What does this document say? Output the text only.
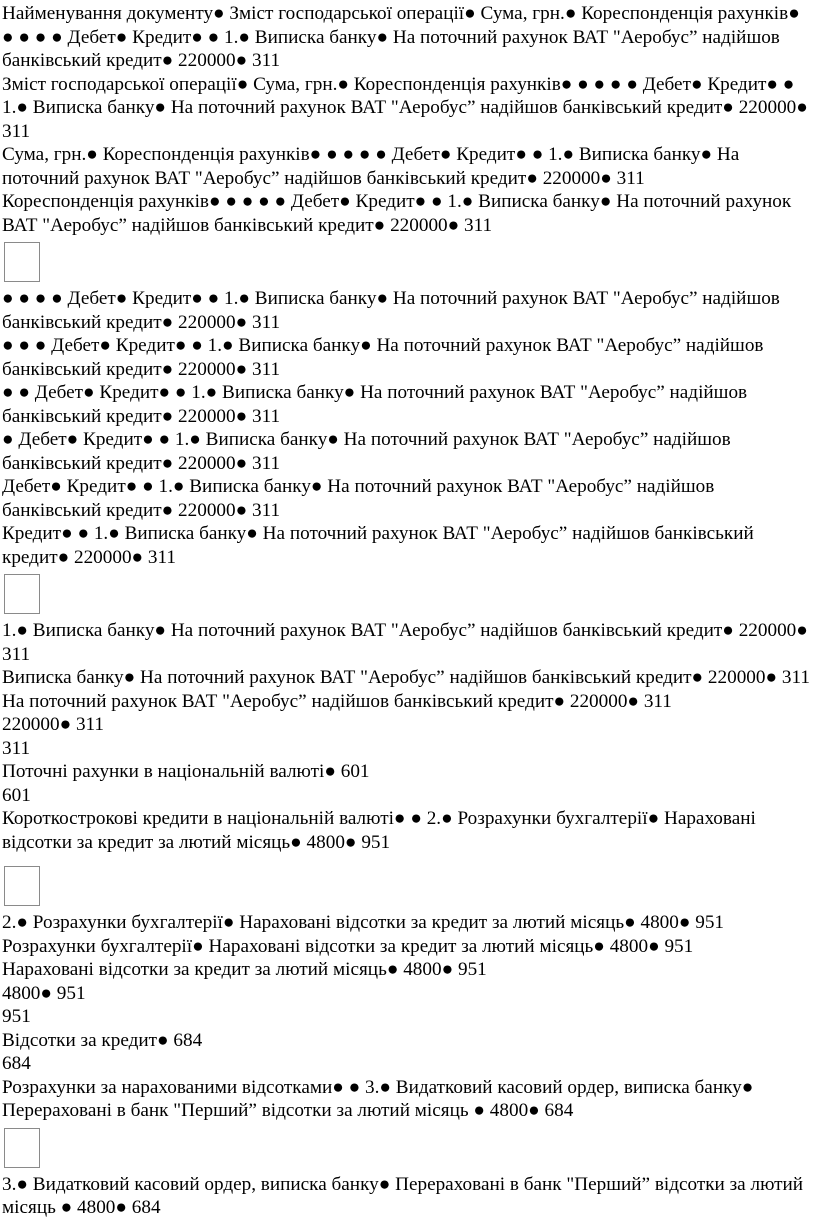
Найменування документу● Зміст господарської операції● Сума, грн.● Кореспонденція рахунків● ● ● ● ● Дебет● Кредит● ● 1.● Виписка банку● На поточний рахунок ВАТ "Аеробус” надійшов банківський кредит● 220000● 311

Зміст господарської операції● Сума, грн.● Кореспонденція рахунків● ● ● ● ● Дебет● Кредит● ● 1.● Виписка банку● На поточний рахунок ВАТ "Аеробус” надійшов банківський кредит● 220000● 311

Сума, грн.● Кореспонденція рахунків● ● ● ● ● Дебет● Кредит● ● 1.● Виписка банку● На поточний рахунок ВАТ "Аеробус” надійшов банківський кредит● 220000● 311

Кореспонденція рахунків● ● ● ● ● Дебет● Кредит● ● 1.● Виписка банку● На поточний рахунок ВАТ "Аеробус” надійшов банківський кредит● 220000● 311

● ● ● ● Дебет● Кредит● ● 1.● Виписка банку● На поточний рахунок ВАТ "Аеробус” надійшов банківський кредит● 220000● 311

● ● ● Дебет● Кредит● ● 1.● Виписка банку● На поточний рахунок ВАТ "Аеробус” надійшов банківський кредит● 220000● 311

● ● Дебет● Кредит● ● 1.● Виписка банку● На поточний рахунок ВАТ "Аеробус” надійшов банківський кредит● 220000● 311

● Дебет● Кредит● ● 1.● Виписка банку● На поточний рахунок ВАТ "Аеробус” надійшов банківський кредит● 220000● 311

Дебет● Кредит● ● 1.● Виписка банку● На поточний рахунок ВАТ "Аеробус” надійшов банківський кредит● 220000● 311

Кредит● ● 1.● Виписка банку● На поточний рахунок ВАТ "Аеробус” надійшов банківський кредит● 220000● 311

1.● Виписка банку● На поточний рахунок ВАТ "Аеробус” надійшов банківський кредит● 220000● 311

Виписка банку● На поточний рахунок ВАТ "Аеробус” надійшов банківський кредит● 220000● 311

На поточний рахунок ВАТ "Аеробус” надійшов банківський кредит● 220000● 311

220000● 311

311

Поточні рахунки в національній валюті● 601

601

Короткострокові кредити в національній валюті● ● 2.● Розрахунки бухгалтерії● Нараховані відсотки за кредит за лютий місяць● 4800● 951

2.● Розрахунки бухгалтерії● Нараховані відсотки за кредит за лютий місяць● 4800● 951

Розрахунки бухгалтерії● Нараховані відсотки за кредит за лютий місяць● 4800● 951

Нараховані відсотки за кредит за лютий місяць● 4800● 951

4800● 951

951

Відсотки за кредит● 684

684

Розрахунки за нарахованими відсотками● ● 3.● Видатковий касовий ордер, виписка банку● Перераховані в банк "Перший” відсотки за лютий місяць ● 4800● 684

3.● Видатковий касовий ордер, виписка банку● Перераховані в банк "Перший” відсотки за лютий місяць ● 4800● 684
